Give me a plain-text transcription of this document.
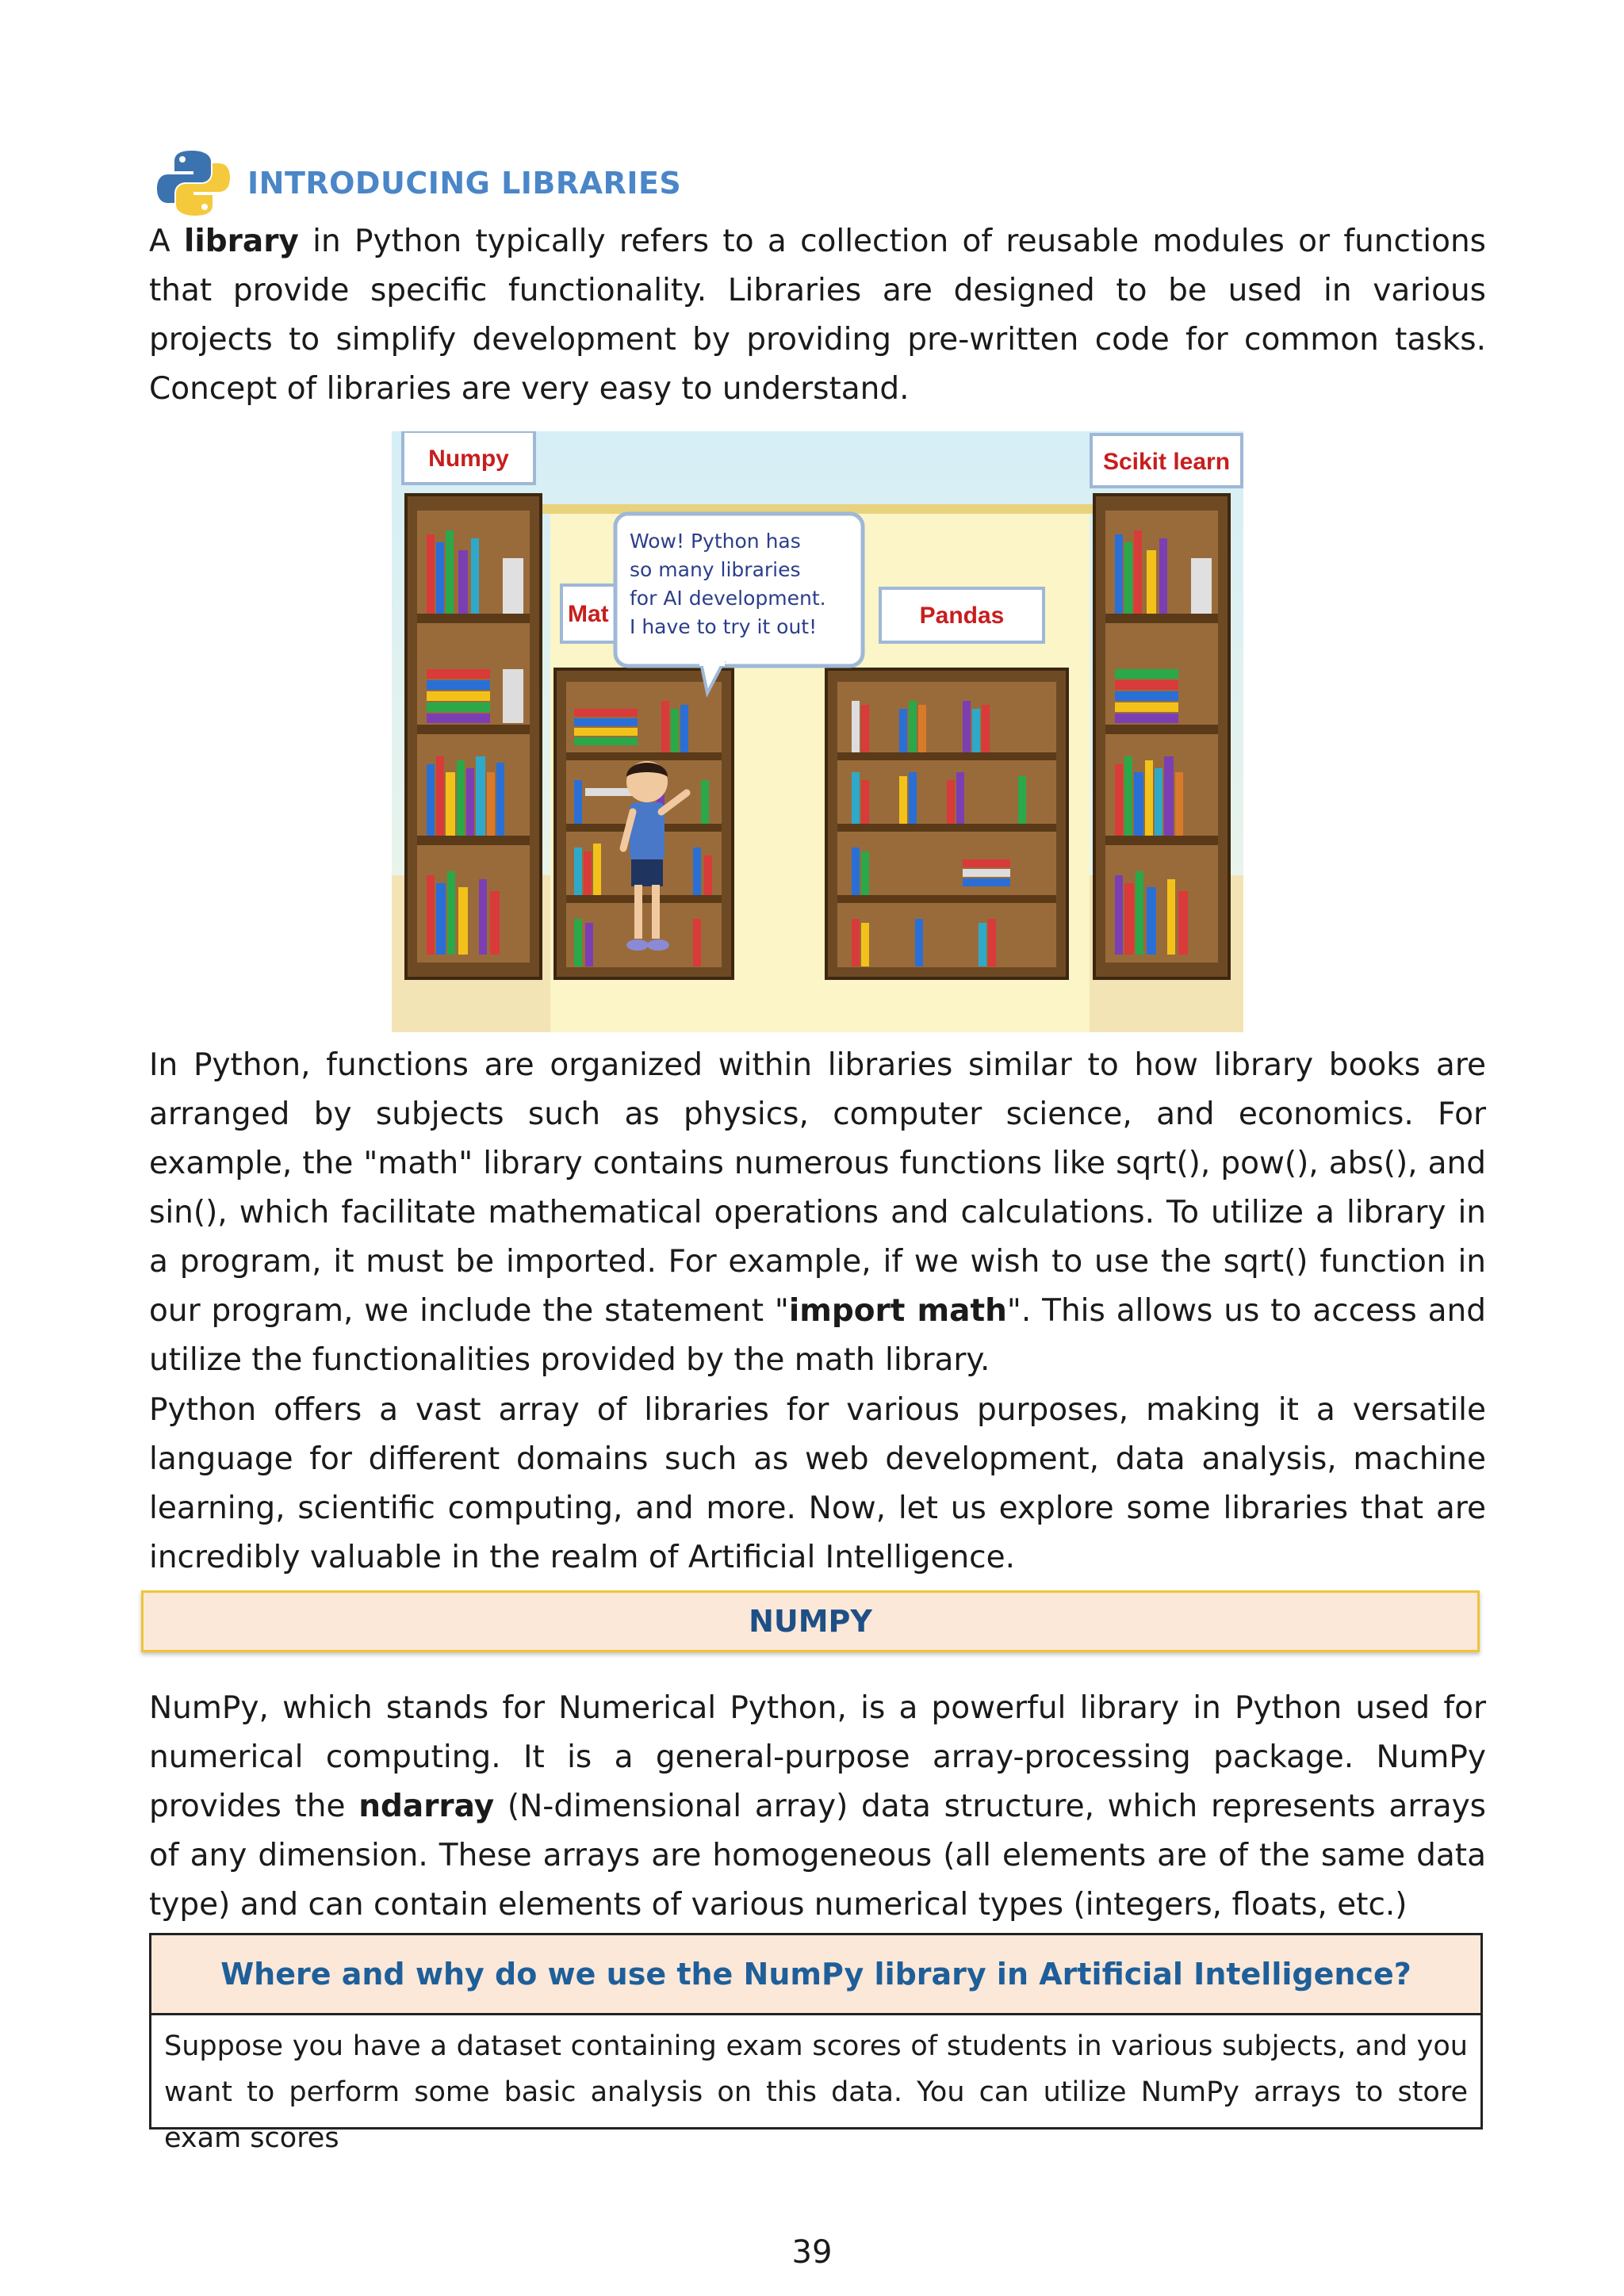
INTRODUCING LIBRARIES

A library in Python typically refers to a collection of reusable modules or functions that provide specific functionality. Libraries are designed to be used in various projects to simplify development by providing pre-written code for common tasks. Concept of libraries are very easy to understand.

Numpy	Scikit learn
Mat	Pandas
Wow! Python has so many libraries for AI development. I have to try it out!

In Python, functions are organized within libraries similar to how library books are arranged by subjects such as physics, computer science, and economics. For example, the "math" library contains numerous functions like sqrt(), pow(), abs(), and sin(), which facilitate mathematical operations and calculations. To utilize a library in a program, it must be imported. For example, if we wish to use the sqrt() function in our program, we include the statement "import math". This allows us to access and utilize the functionalities provided by the math library.

Python offers a vast array of libraries for various purposes, making it a versatile language for different domains such as web development, data analysis, machine learning, scientific computing, and more. Now, let us explore some libraries that are incredibly valuable in the realm of Artificial Intelligence.

NUMPY

NumPy, which stands for Numerical Python, is a powerful library in Python used for numerical computing. It is a general-purpose array-processing package. NumPy provides the ndarray (N-dimensional array) data structure, which represents arrays of any dimension. These arrays are homogeneous (all elements are of the same data type) and can contain elements of various numerical types (integers, floats, etc.)

Where and why do we use the NumPy library in Artificial Intelligence?
Suppose you have a dataset containing exam scores of students in various subjects, and you want to perform some basic analysis on this data. You can utilize NumPy arrays to store exam scores
39
